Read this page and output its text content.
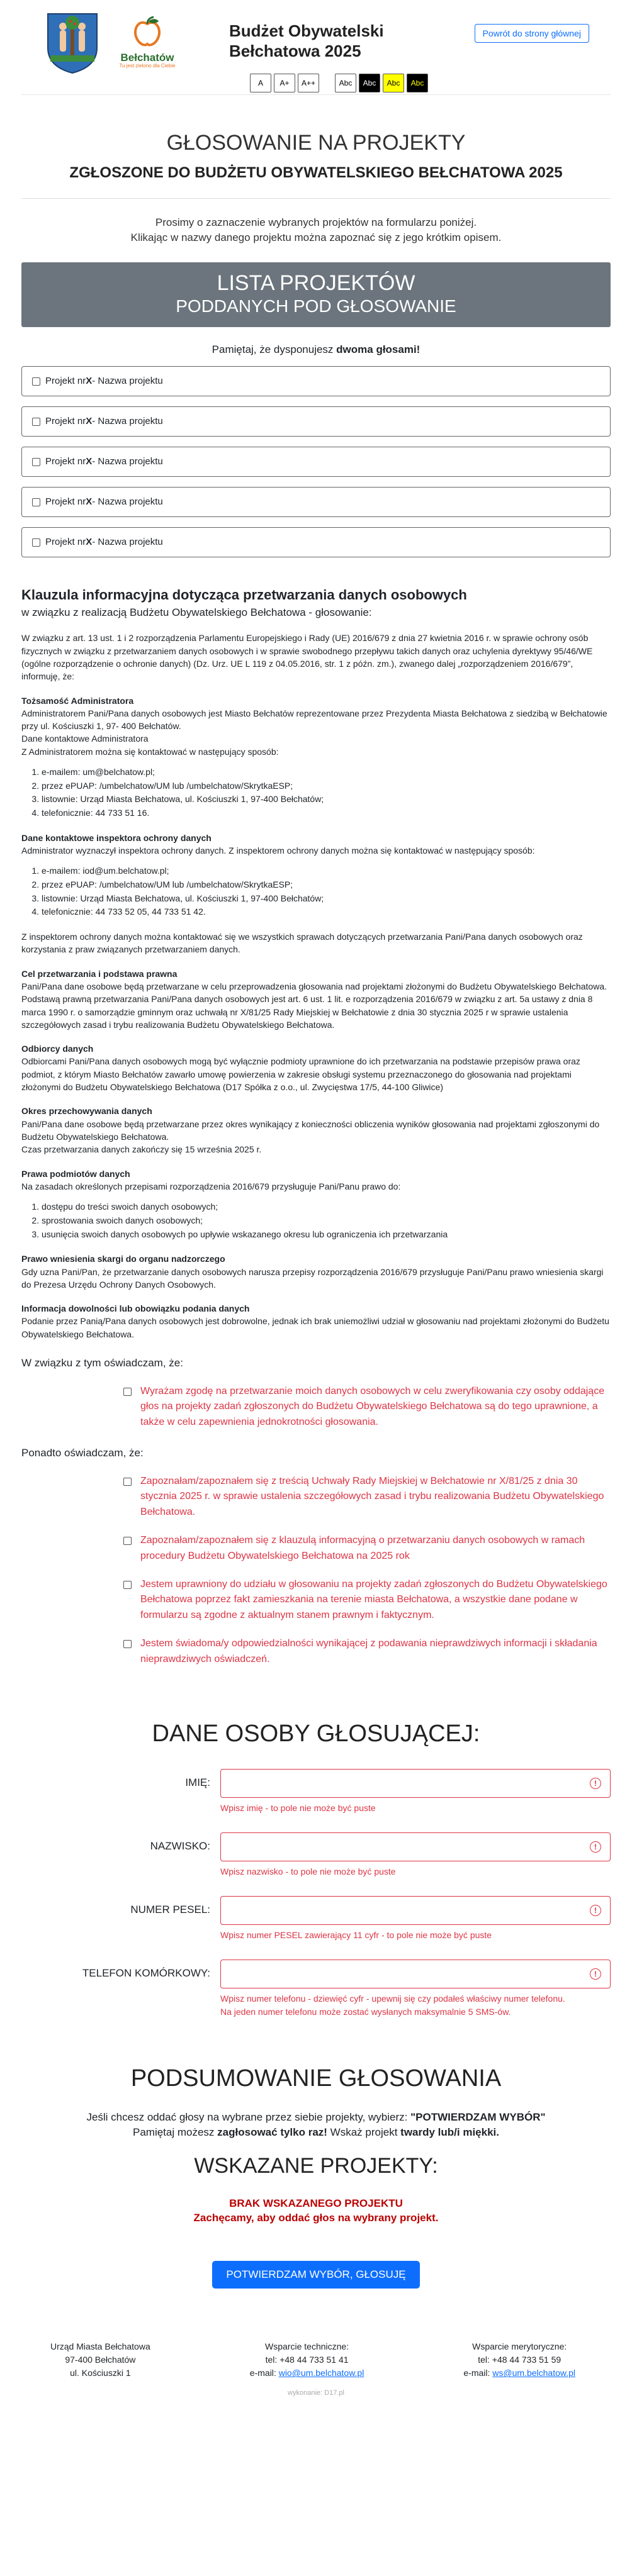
Bełchatów
Tu jest zielono dla Ciebie
Budżet Obywatelski
Bełchatowa 2025
Powrót do strony głównej
A	A+	A++	Abc	Abc	Abc	Abc
GŁOSOWANIE NA PROJEKTY
ZGŁOSZONE DO BUDŻETU OBYWATELSKIEGO BEŁCHATOWA 2025
Prosimy o zaznaczenie wybranych projektów na formularzu poniżej.
Klikając w nazwy danego projektu można zapoznać się z jego krótkim opisem.
LISTA PROJEKTÓW
PODDANYCH POD GŁOSOWANIE
Pamiętaj, że dysponujesz dwoma głosami!
Projekt nr X - Nazwa projektu
Projekt nr X - Nazwa projektu
Projekt nr X - Nazwa projektu
Projekt nr X - Nazwa projektu
Projekt nr X - Nazwa projektu
Klauzula informacyjna dotycząca przetwarzania danych osobowych
w związku z realizacją Budżetu Obywatelskiego Bełchatowa - głosowanie:

W związku z art. 13 ust. 1 i 2 rozporządzenia Parlamentu Europejskiego i Rady (UE) 2016/679 z dnia 27 kwietnia 2016 r. w sprawie ochrony osób fizycznych w związku z przetwarzaniem danych osobowych i w sprawie swobodnego przepływu takich danych oraz uchylenia dyrektywy 95/46/WE (ogólne rozporządzenie o ochronie danych) (Dz. Urz. UE L 119 z 04.05.2016, str. 1 z późn. zm.), zwanego dalej „rozporządzeniem 2016/679”, informuję, że:

Tożsamość Administratora
Administratorem Pani/Pana danych osobowych jest Miasto Bełchatów reprezentowane przez Prezydenta Miasta Bełchatowa z siedzibą w Bełchatowie przy ul. Kościuszki 1, 97- 400 Bełchatów.
Dane kontaktowe Administratora
Z Administratorem można się kontaktować w następujący sposób:

1. e-mailem: um@belchatow.pl;
2. przez ePUAP: /umbelchatow/UM lub /umbelchatow/SkrytkaESP;
3. listownie: Urząd Miasta Bełchatowa, ul. Kościuszki 1, 97-400 Bełchatów;
4. telefonicznie: 44 733 51 16.

Dane kontaktowe inspektora ochrony danych
Administrator wyznaczył inspektora ochrony danych. Z inspektorem ochrony danych można się kontaktować w następujący sposób:

1. e-mailem: iod@um.belchatow.pl;
2. przez ePUAP: /umbelchatow/UM lub /umbelchatow/SkrytkaESP;
3. listownie: Urząd Miasta Bełchatowa, ul. Kościuszki 1, 97-400 Bełchatów;
4. telefonicznie: 44 733 52 05, 44 733 51 42.

Z inspektorem ochrony danych można kontaktować się we wszystkich sprawach dotyczących przetwarzania Pani/Pana danych osobowych oraz korzystania z praw związanych przetwarzaniem danych.

Cel przetwarzania i podstawa prawna
Pani/Pana dane osobowe będą przetwarzane w celu przeprowadzenia głosowania nad projektami złożonymi do Budżetu Obywatelskiego Bełchatowa.
Podstawą prawną przetwarzania Pani/Pana danych osobowych jest art. 6 ust. 1 lit. e rozporządzenia 2016/679 w związku z art. 5a ustawy z dnia 8 marca 1990 r. o samorządzie gminnym oraz uchwałą nr X/81/25 Rady Miejskiej w Bełchatowie z dnia 30 stycznia 2025 r w sprawie ustalenia szczegółowych zasad i trybu realizowania Budżetu Obywatelskiego Bełchatowa.

Odbiorcy danych
Odbiorcami Pani/Pana danych osobowych mogą być wyłącznie podmioty uprawnione do ich przetwarzania na podstawie przepisów prawa oraz podmiot, z którym Miasto Bełchatów zawarło umowę powierzenia w zakresie obsługi systemu przeznaczonego do głosowania nad projektami złożonymi do Budżetu Obywatelskiego Bełchatowa (D17 Spółka z o.o., ul. Zwycięstwa 17/5, 44-100 Gliwice)

Okres przechowywania danych
Pani/Pana dane osobowe będą przetwarzane przez okres wynikający z konieczności obliczenia wyników głosowania nad projektami zgłoszonymi do Budżetu Obywatelskiego Bełchatowa.
Czas przetwarzania danych zakończy się 15 września 2025 r.

Prawa podmiotów danych
Na zasadach określonych przepisami rozporządzenia 2016/679 przysługuje Pani/Panu prawo do:

1. dostępu do treści swoich danych osobowych;
2. sprostowania swoich danych osobowych;
3. usunięcia swoich danych osobowych po upływie wskazanego okresu lub ograniczenia ich przetwarzania

Prawo wniesienia skargi do organu nadzorczego
Gdy uzna Pani/Pan, że przetwarzanie danych osobowych narusza przepisy rozporządzenia 2016/679 przysługuje Pani/Panu prawo wniesienia skargi do Prezesa Urzędu Ochrony Danych Osobowych.

Informacja dowolności lub obowiązku podania danych
Podanie przez Panią/Pana danych osobowych jest dobrowolne, jednak ich brak uniemożliwi udział w głosowaniu nad projektami złożonymi do Budżetu Obywatelskiego Bełchatowa.

W związku z tym oświadczam, że:
Wyrażam zgodę na przetwarzanie moich danych osobowych w celu zweryfikowania czy osoby oddające głos na projekty zadań zgłoszonych do Budżetu Obywatelskiego Bełchatowa są do tego uprawnione, a także w celu zapewnienia jednokrotności głosowania.
Ponadto oświadczam, że:
Zapoznałam/zapoznałem się z treścią Uchwały Rady Miejskiej w Bełchatowie nr X/81/25 z dnia 30 stycznia 2025 r. w sprawie ustalenia szczegółowych zasad i trybu realizowania Budżetu Obywatelskiego Bełchatowa.
Zapoznałam/zapoznałem się z klauzulą informacyjną o przetwarzaniu danych osobowych w ramach procedury Budżetu Obywatelskiego Bełchatowa na 2025 rok
Jestem uprawniony do udziału w głosowaniu na projekty zadań zgłoszonych do Budżetu Obywatelskiego Bełchatowa poprzez fakt zamieszkania na terenie miasta Bełchatowa, a wszystkie dane podane w formularzu są zgodne z aktualnym stanem prawnym i faktycznym.
Jestem świadoma/y odpowiedzialności wynikającej z podawania nieprawdziwych informacji i składania nieprawdziwych oświadczeń.
DANE OSOBY GŁOSUJĄCEJ:
IMIĘ:	!
Wpisz imię - to pole nie może być puste
NAZWISKO:	!
Wpisz nazwisko - to pole nie może być puste
NUMER PESEL:	!
Wpisz numer PESEL zawierający 11 cyfr - to pole nie może być puste
TELEFON KOMÓRKOWY:	!
Wpisz numer telefonu - dziewięć cyfr - upewnij się czy podałeś właściwy numer telefonu.
Na jeden numer telefonu może zostać wysłanych maksymalnie 5 SMS-ów.
PODSUMOWANIE GŁOSOWANIA
Jeśli chcesz oddać głosy na wybrane przez siebie projekty, wybierz: "POTWIERDZAM WYBÓR"
Pamiętaj możesz zagłosować tylko raz! Wskaż projekt twardy lub/i miękki.
WSKAZANE PROJEKTY:
BRAK WSKAZANEGO PROJEKTU
Zachęcamy, aby oddać głos na wybrany projekt.
POTWIERDZAM WYBÓR, GŁOSUJĘ
Urząd Miasta Bełchatowa
97-400 Bełchatów
ul. Kościuszki 1
Wsparcie techniczne:
tel: +48 44 733 51 41
e-mail: wio@um.belchatow.pl
Wsparcie merytoryczne:
tel: +48 44 733 51 59
e-mail: ws@um.belchatow.pl
wykonanie: D17.pl
